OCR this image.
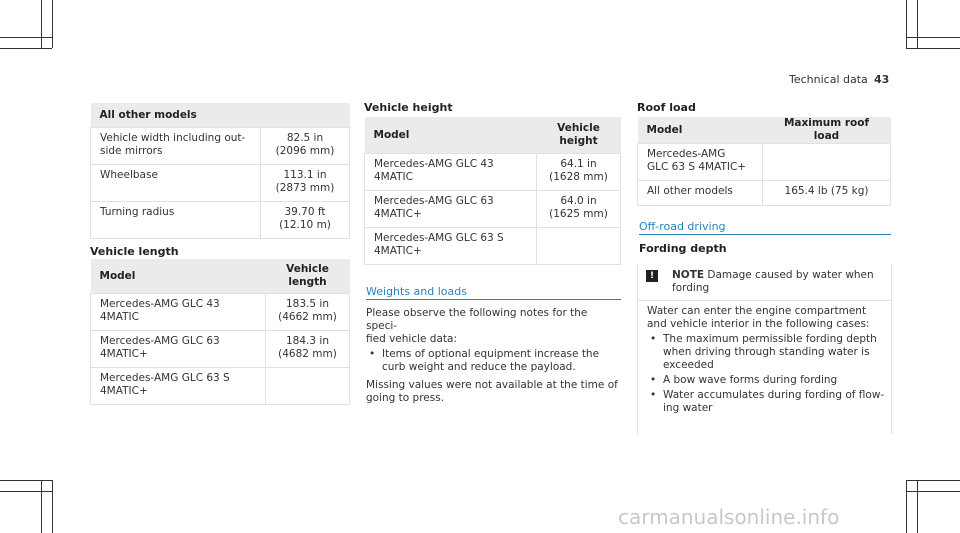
Technical data 43
All other models	
Vehicle width including out-
side mirrors	82.5 in
(2096 mm)
Wheelbase	113.1 in
(2873 mm)
Turning radius	39.70 ft
(12.10 m)
Vehicle length
Model	Vehicle
length
Mercedes-AMG GLC 43
4MATIC	183.5 in
(4662 mm)
Mercedes-AMG GLC 63
4MATIC+	184.3 in
(4682 mm)
Mercedes-AMG GLC 63 S
4MATIC+	
Vehicle height
Model	Vehicle
height
Mercedes-AMG GLC 43
4MATIC	64.1 in
(1628 mm)
Mercedes-AMG GLC 63
4MATIC+	64.0 in
(1625 mm)
Mercedes-AMG GLC 63 S
4MATIC+	
Weights and loads
Please observe the following notes for the speci-
fied vehicle data:
• Items of optional equipment increase the
curb weight and reduce the payload.
Missing values were not available at the time of
going to press.
Roof load
Model	Maximum roof load
Mercedes-AMG
GLC 63 S 4MATIC+	
All other models	165.4 lb (75 kg)
Off-road driving
Fording depth
!	NOTE Damage caused by water when
fording
Water can enter the engine compartment
and vehicle interior in the following cases:
• The maximum permissible fording depth
when driving through standing water is
exceeded
• A bow wave forms during fording
• Water accumulates during fording of flow-
ing water
carmanualsonline.info
